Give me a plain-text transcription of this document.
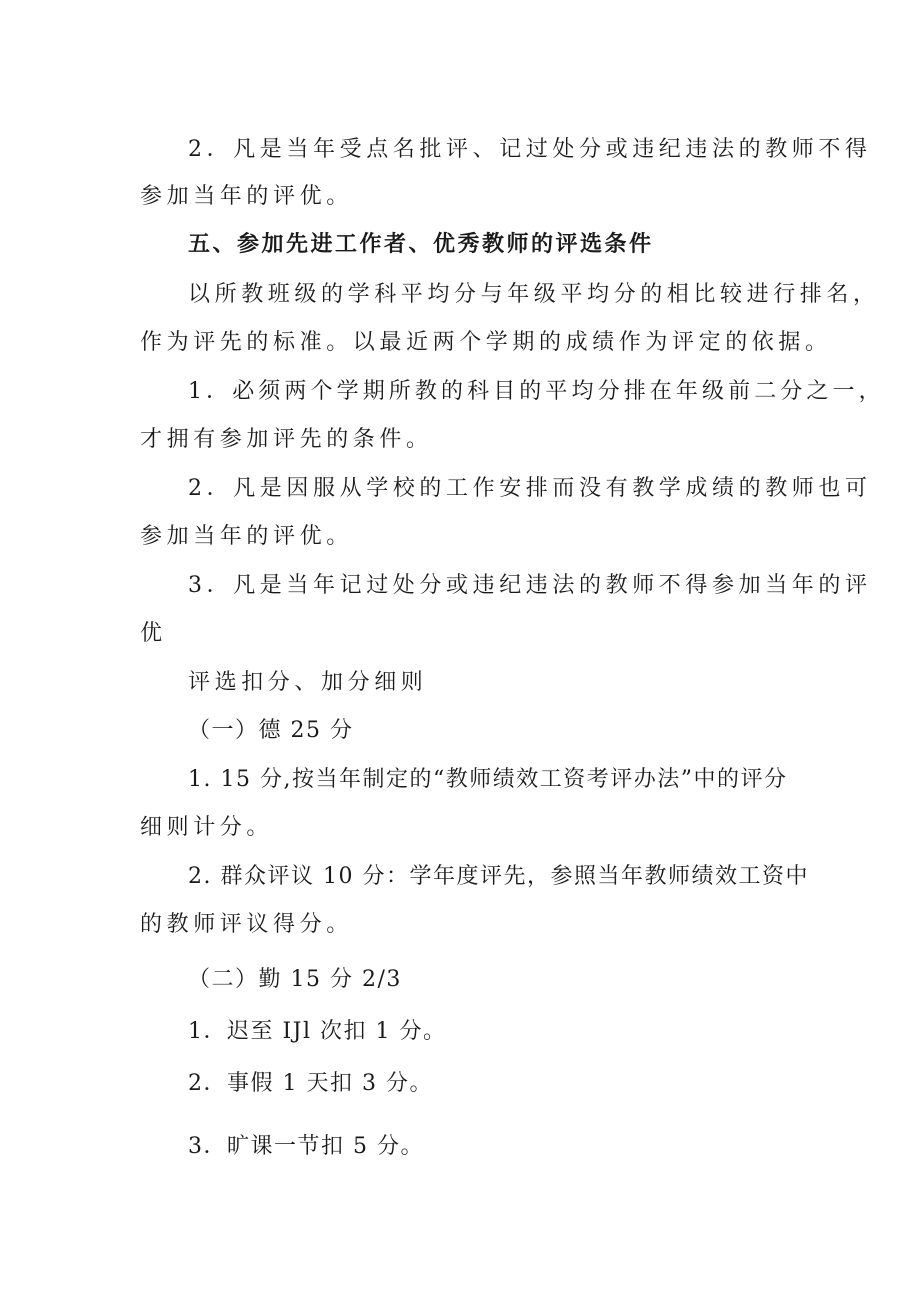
2．凡是当年受点名批评、记过处分或违纪违法的教师不得
参加当年的评优。
五、参加先进工作者、优秀教师的评选条件
以所教班级的学科平均分与年级平均分的相比较进行排名，
作为评先的标准。以最近两个学期的成绩作为评定的依据。
1．必须两个学期所教的科目的平均分排在年级前二分之一，
才拥有参加评先的条件。
2．凡是因服从学校的工作安排而没有教学成绩的教师也可
参加当年的评优。
3．凡是当年记过处分或违纪违法的教师不得参加当年的评
优
评选扣分、加分细则
（一）德 25 分
1. 15 分,按当年制定的“教师绩效工资考评办法”中的评分
细则计分。
2. 群众评议 10 分：学年度评先，参照当年教师绩效工资中
的教师评议得分。
（二）勤 15 分 2/3
1．迟至 IJl 次扣 1 分。
2．事假 1 天扣 3 分。
3．旷课一节扣 5 分。
